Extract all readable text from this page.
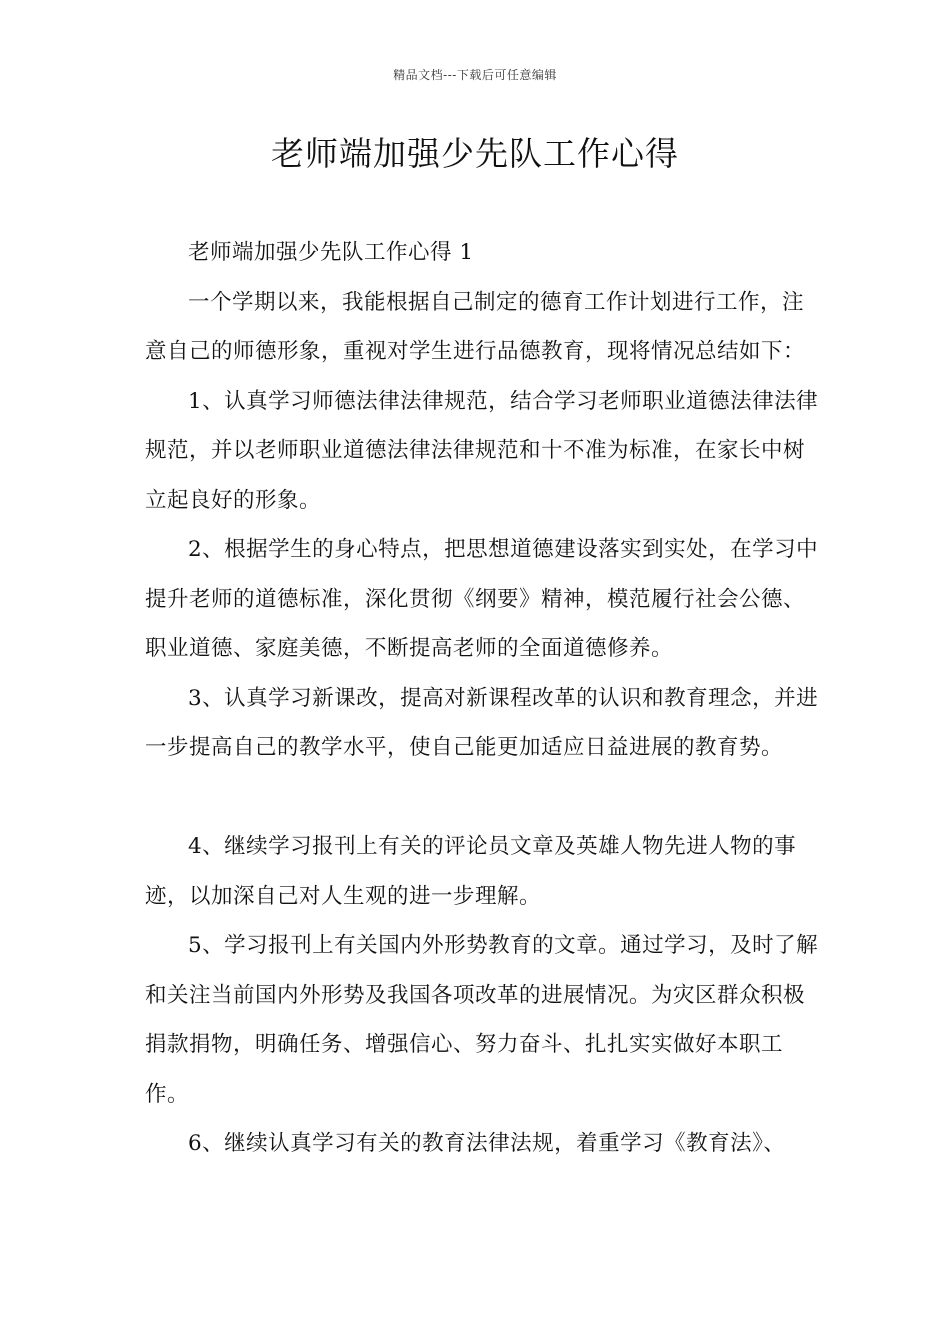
精品文档---下载后可任意编辑
老师端加强少先队工作心得

老师端加强少先队工作心得 1

一个学期以来，我能根据自己制定的德育工作计划进行工作，注意自己的师德形象，重视对学生进行品德教育，现将情况总结如下：

1、认真学习师德法律法律规范，结合学习老师职业道德法律法律规范，并以老师职业道德法律法律规范和十不准为标准，在家长中树立起良好的形象。

2、根据学生的身心特点，把思想道德建设落实到实处，在学习中提升老师的道德标准，深化贯彻《纲要》精神，模范履行社会公德、职业道德、家庭美德，不断提高老师的全面道德修养。

3、认真学习新课改，提高对新课程改革的认识和教育理念，并进一步提高自己的教学水平，使自己能更加适应日益进展的教育势。

4、继续学习报刊上有关的评论员文章及英雄人物先进人物的事迹，以加深自己对人生观的进一步理解。

5、学习报刊上有关国内外形势教育的文章。通过学习，及时了解和关注当前国内外形势及我国各项改革的进展情况。为灾区群众积极捐款捐物，明确任务、增强信心、努力奋斗、扎扎实实做好本职工作。

6、继续认真学习有关的教育法律法规，着重学习《教育法》、
